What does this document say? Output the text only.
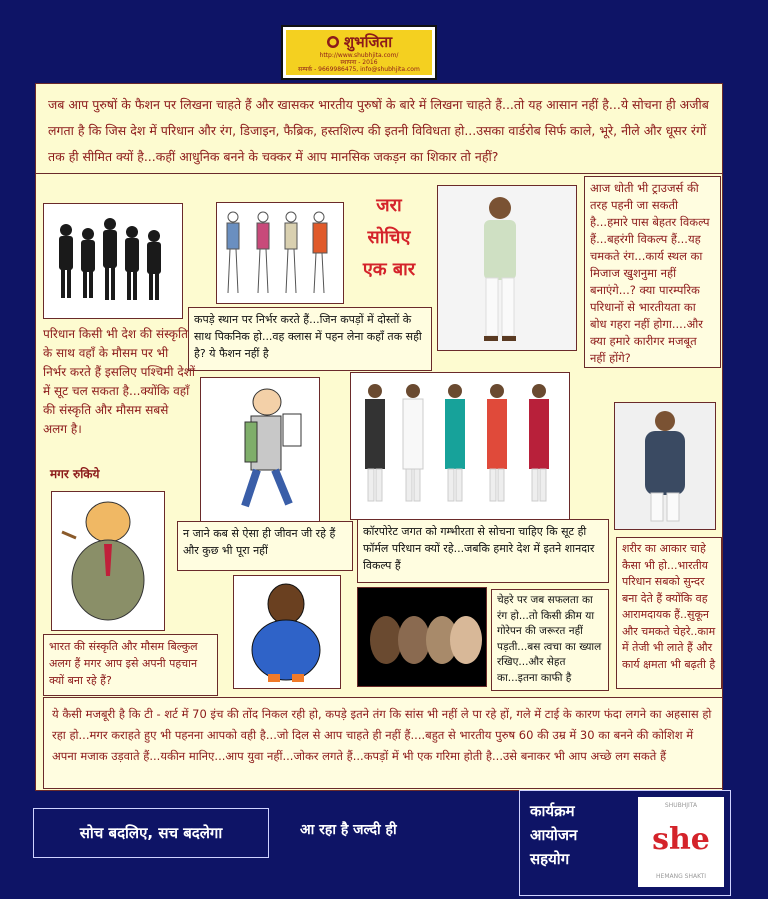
शुभजिता
http://www.shubhjita.com/
स्थापना - 2016
सम्पर्क - 9669986475, info@shubhjita.com
जब आप पुरुषों के फैशन पर लिखना चाहते हैं और खासकर भारतीय पुरुषों के बारे में लिखना चाहते हैं...तो यह आसान नहीं है...ये सोचना ही अजीब लगता है कि जिस देश में परिधान और रंग, डिजाइन, फैब्रिक, हस्तशिल्प की इतनी विविधता हो...उसका वार्डरोब सिर्फ काले, भूरे, नीले और धूसर रंगों तक ही सीमित क्यों है...कहीं आधुनिक बनने के चक्कर में आप मानसिक जकड़न का शिकार तो नहीं?
जरा
सोचिए
एक बार
आज धोती भी ट्राउजर्स की तरह पहनी जा सकती है...हमारे पास बेहतर विकल्प हैं...बहरंगी विकल्प हैं...यह चमकते रंग...कार्य स्थल का मिजाज खुशनुमा नहीं बनाएंगे...? क्या पारम्परिक परिधानों से भारतीयता का बोध गहरा नहीं होगा....और क्या हमारे कारीगर मजबूत नहीं होंगे?
कपड़े स्थान पर निर्भर करते हैं...जिन कपड़ों में दोस्तों के साथ पिकनिक हो...वह क्लास में पहन लेना कहाँ तक सही है? ये फैशन नहीं है
परिधान किसी भी देश की संस्कृति के साथ वहाँ के मौसम पर भी निर्भर करते हैं इसलिए पश्चिमी देशों में सूट चल सकता है...क्योंकि वहाँ की संस्कृति और मौसम सबसे अलग है।
मगर रुकिये
न जाने कब से ऐसा ही जीवन जी रहे हैं और कुछ भी पूरा नहीं
कॉरपोरेट जगत को गम्भीरता से सोचना चाहिए कि सूट ही फॉर्मल परिधान क्यों रहे...जबकि हमारे देश में इतने शानदार विकल्प हैं
शरीर का आकार चाहे कैसा भी हो...भारतीय परिधान सबको सुन्दर बना देते हैं क्योंकि वह आरामदायक हैं..सुकून और चमकते चेहरे..काम में तेजी भी लाते हैं और कार्य क्षमता भी बढ़ती है
चेहरे पर जब सफलता का रंग हो...तो किसी क्रीम या गोरेपन की जरूरत नहीं पड़ती...बस त्वचा का ख्याल रखिए...और सेहत का...इतना काफी है
भारत की संस्कृति और मौसम बिल्कुल अलग हैं मगर आप इसे अपनी पहचान क्यों बना रहे हैं?
ये कैसी मजबूरी है कि टी - शर्ट में 70 इंच की तोंद निकल रही हो, कपड़े इतने तंग कि सांस भी नहीं ले पा रहे हों, गले में टाई के कारण फंदा लगने का अहसास हो रहा हो...मगर कराहते हुए भी पहनना आपको वही है...जो दिल से आप चाहते ही नहीं हैं....बहुत से भारतीय पुरुष 60 की उम्र में 30 का बनने की कोशिश में अपना मजाक उड़वाते हैं...यकीन मानिए...आप युवा नहीं...जोकर लगते हैं...कपड़ों में भी एक गरिमा होती है...उसे बनाकर भी आप अच्छे लग सकते हैं
सोच बदलिए, सच बदलेगा	आ रहा है जल्दी ही
कार्यक्रम
आयोजन
सहयोग
SHUBHJITA
she
HEMANG SHAKTI
